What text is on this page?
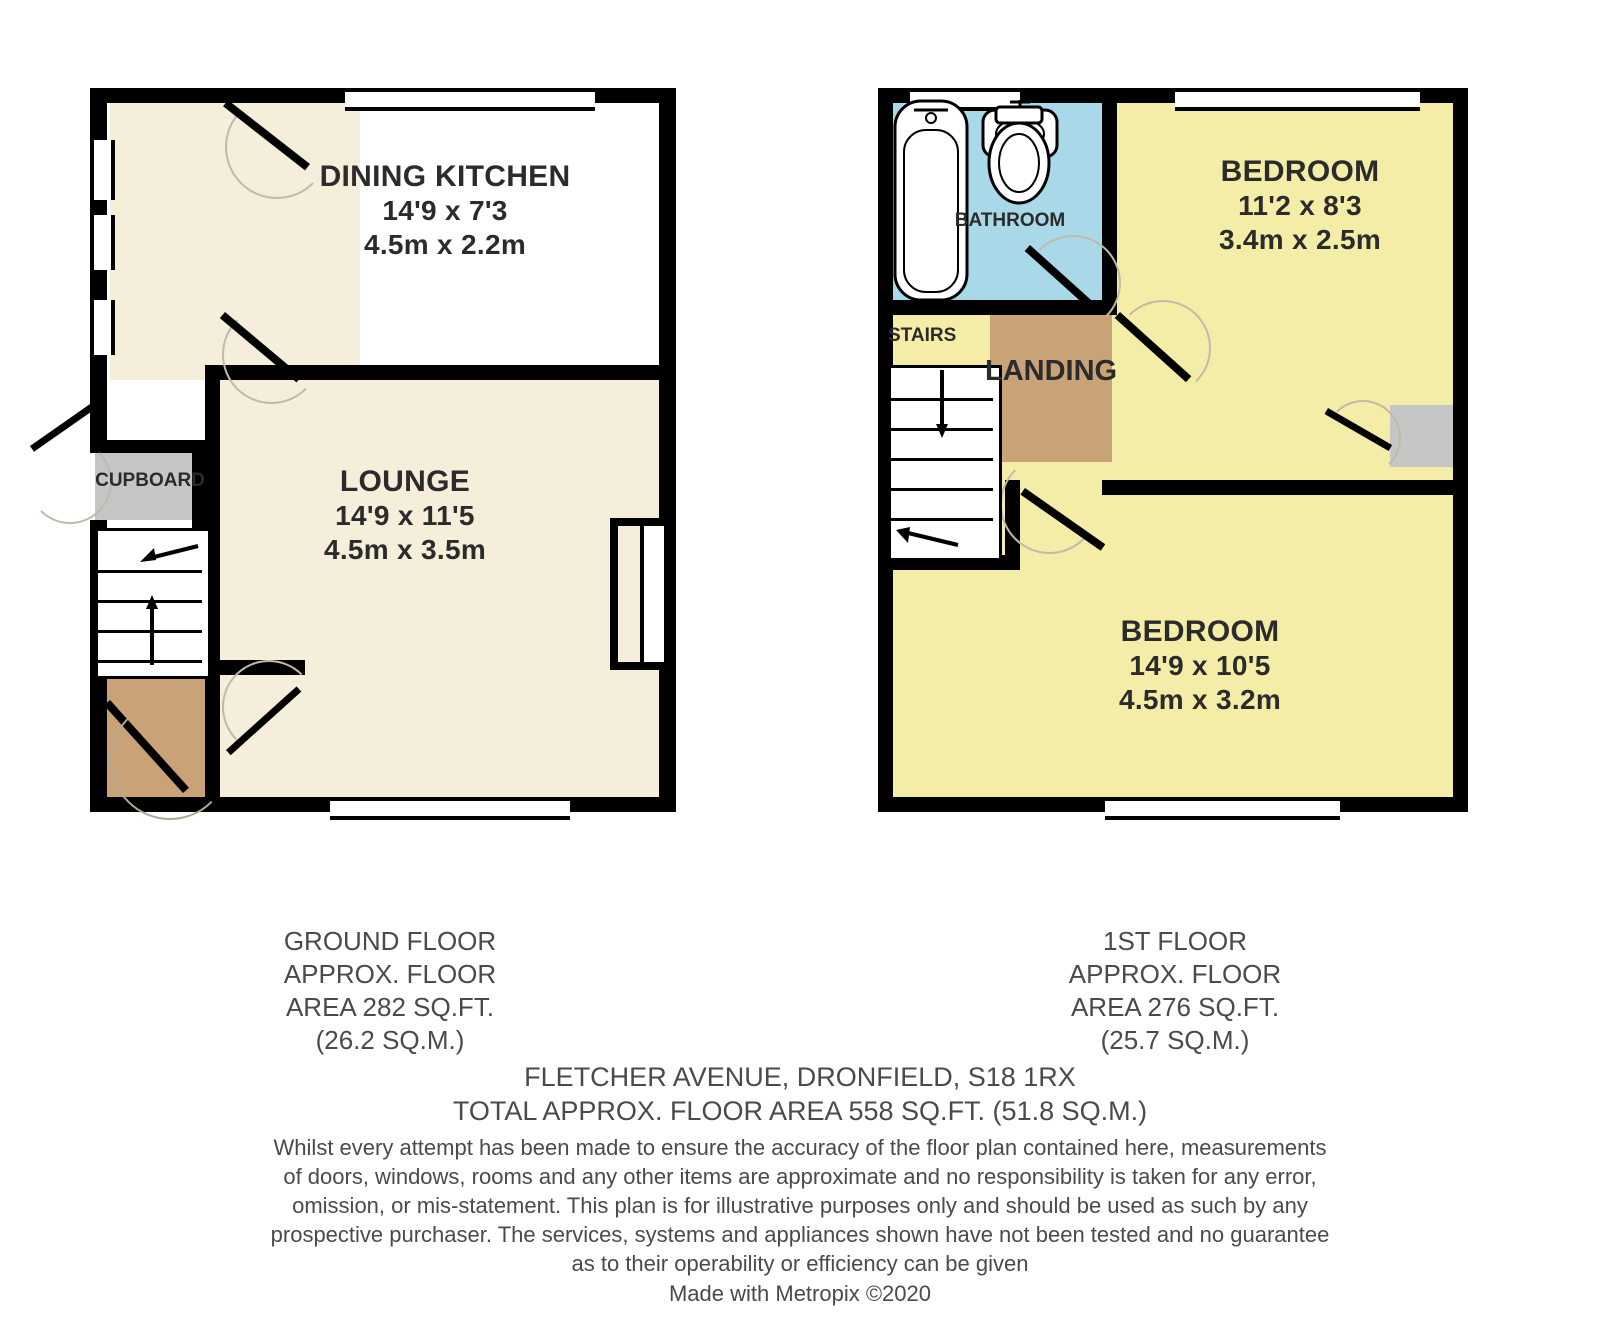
DINING KITCHEN
14'9 x 7'3
4.5m x 2.2m
LOUNGE
14'9 x 11'5
4.5m x 3.5m
CUPBOARD
BATHROOM
STAIRS
LANDING
BEDROOM
11'2 x 8'3
3.4m x 2.5m
BEDROOM
14'9 x 10'5
4.5m x 3.2m
GROUND FLOOR
APPROX. FLOOR
AREA 282 SQ.FT.
(26.2 SQ.M.)
1ST FLOOR
APPROX. FLOOR
AREA 276 SQ.FT.
(25.7 SQ.M.)
FLETCHER AVENUE, DRONFIELD, S18 1RX
TOTAL APPROX. FLOOR AREA 558 SQ.FT. (51.8 SQ.M.)
Whilst every attempt has been made to ensure the accuracy of the floor plan contained here, measurements
of doors, windows, rooms and any other items are approximate and no responsibility is taken for any error,
omission, or mis-statement. This plan is for illustrative purposes only and should be used as such by any
prospective purchaser. The services, systems and appliances shown have not been tested and no guarantee
as to their operability or efficiency can be given
Made with Metropix ©2020
